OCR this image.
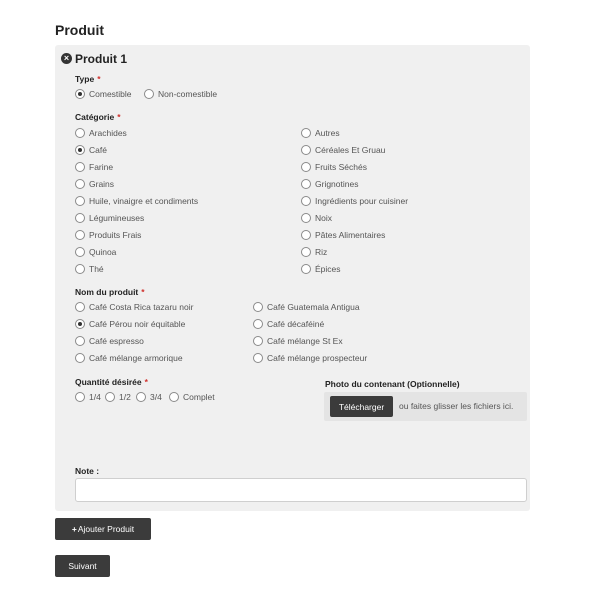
Produit
× Produit 1
Type *
Comestible	Non-comestible
Catégorie *
Arachides
Café
Farine
Grains
Huile, vinaigre et condiments
Légumineuses
Produits Frais
Quinoa
Thé
Autres
Céréales Et Gruau
Fruits Séchés
Grignotines
Ingrédients pour cuisiner
Noix
Pâtes Alimentaires
Riz
Épices
Nom du produit *
Café Costa Rica tazaru noir
Café Pérou noir équitable
Café espresso
Café mélange armorique
Café Guatemala Antigua
Café décaféiné
Café mélange St Ex
Café mélange prospecteur
Quantité désirée *
1/4 1/2 3/4 Complet
Photo du contenant (Optionnelle)
Télécharger	ou faites glisser les fichiers ici.
Note :
+ Ajouter Produit
Suivant
